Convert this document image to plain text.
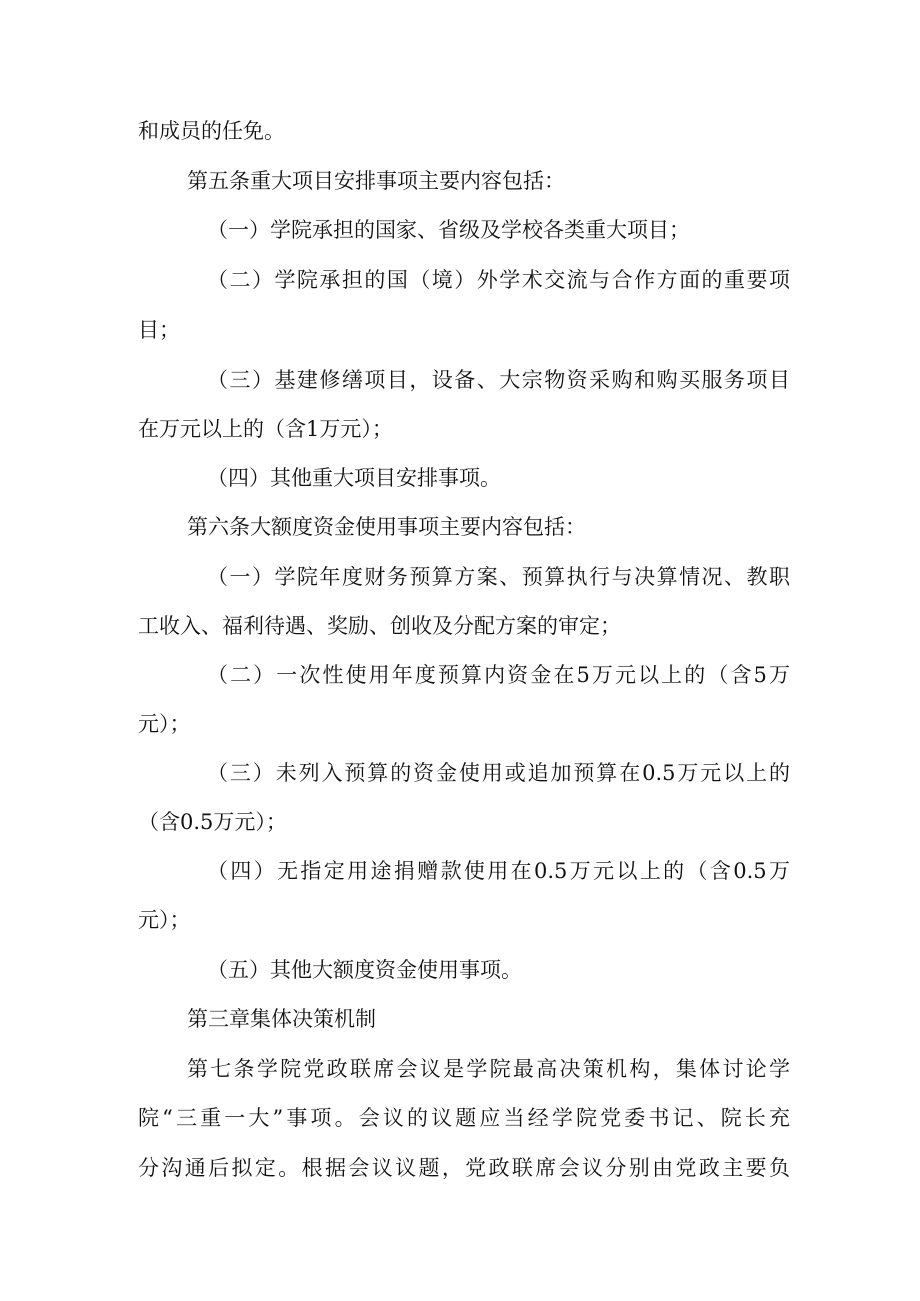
和成员的任免。
第五条重大项目安排事项主要内容包括：
（一）学院承担的国家、省级及学校各类重大项目；
（二）学院承担的国（境）外学术交流与合作方面的重要项
目；
（三）基建修缮项目，设备、大宗物资采购和购买服务项目
在万元以上的（含1万元）；
（四）其他重大项目安排事项。
第六条大额度资金使用事项主要内容包括：
（一）学院年度财务预算方案、预算执行与决算情况、教职
工收入、福利待遇、奖励、创收及分配方案的审定；
（二）一次性使用年度预算内资金在5万元以上的（含5万
元）；
（三）未列入预算的资金使用或追加预算在0.5万元以上的
（含0.5万元）；
（四）无指定用途捐赠款使用在0.5万元以上的（含0.5万
元）；
（五）其他大额度资金使用事项。
第三章集体决策机制
第七条学院党政联席会议是学院最高决策机构，集体讨论学
院“三重一大”事项。会议的议题应当经学院党委书记、院长充
分沟通后拟定。根据会议议题，党政联席会议分别由党政主要负
